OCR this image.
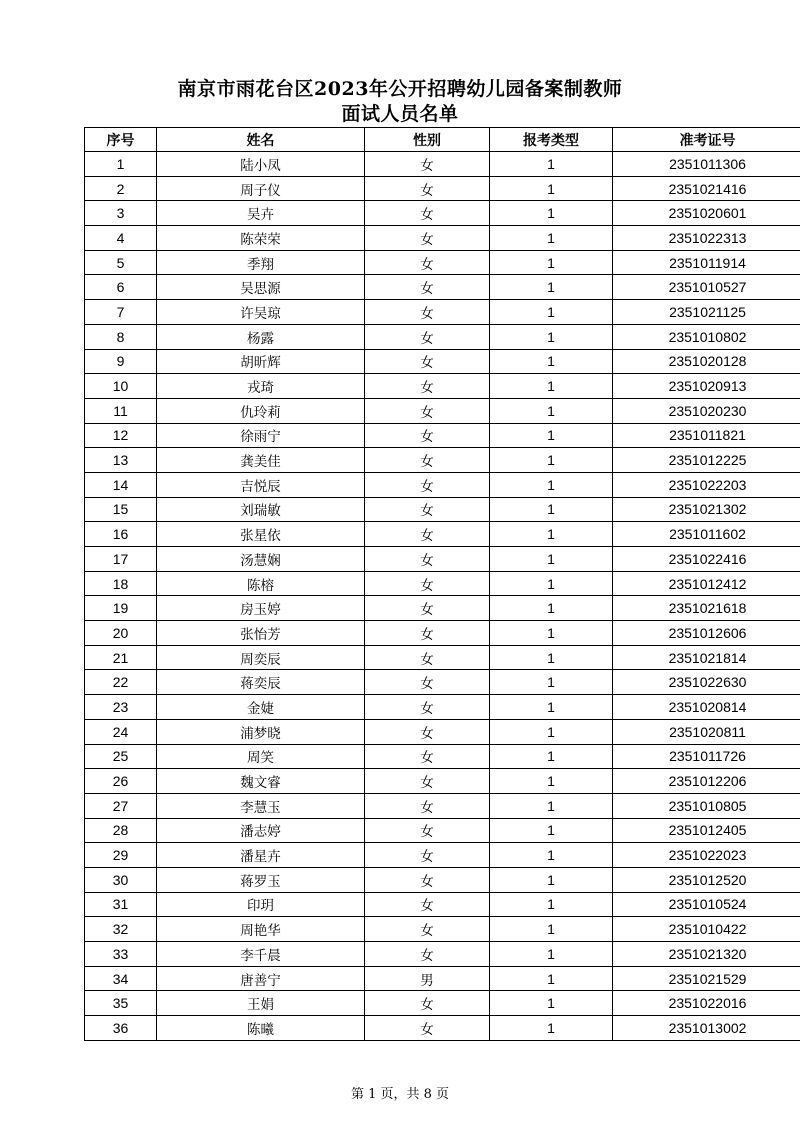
南京市雨花台区2023年公开招聘幼儿园备案制教师
面试人员名单
序号	姓名	性别	报考类型	准考证号
1	陆小凤	女	1	2351011306
2	周子仪	女	1	2351021416
3	吴卉	女	1	2351020601
4	陈荣荣	女	1	2351022313
5	季翔	女	1	2351011914
6	吴思源	女	1	2351010527
7	许吴琼	女	1	2351021125
8	杨露	女	1	2351010802
9	胡昕辉	女	1	2351020128
10	戎琦	女	1	2351020913
11	仇玲莉	女	1	2351020230
12	徐雨宁	女	1	2351011821
13	龚美佳	女	1	2351012225
14	吉悦辰	女	1	2351022203
15	刘瑞敏	女	1	2351021302
16	张星依	女	1	2351011602
17	汤慧娴	女	1	2351022416
18	陈榕	女	1	2351012412
19	房玉婷	女	1	2351021618
20	张怡芳	女	1	2351012606
21	周奕辰	女	1	2351021814
22	蒋奕辰	女	1	2351022630
23	金婕	女	1	2351020814
24	浦梦晓	女	1	2351020811
25	周笑	女	1	2351011726
26	魏文睿	女	1	2351012206
27	李慧玉	女	1	2351010805
28	潘志婷	女	1	2351012405
29	潘星卉	女	1	2351022023
30	蒋罗玉	女	1	2351012520
31	印玥	女	1	2351010524
32	周艳华	女	1	2351010422
33	李千晨	女	1	2351021320
34	唐善宁	男	1	2351021529
35	王娟	女	1	2351022016
36	陈曦	女	1	2351013002
第 1 页，共 8 页
